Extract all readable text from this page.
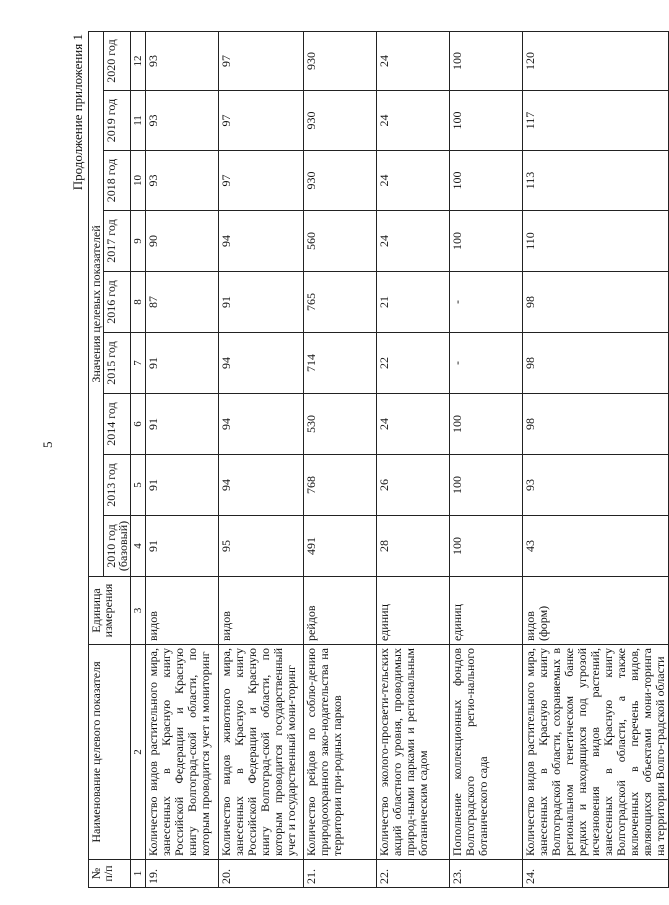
5
Продолжение приложения 1
№ п/п	Наименование целевого показателя	Единица измерения	Значения целевых показателей								
			2010 год (базовый)	2013 год	2014 год	2015 год	2016 год	2017 год	2018 год	2019 год	2020 год
1	2	3	4	5	6	7	8	9	10	11	12
19.	Количество видов растительного мира, занесенных в Красную книгу Российской Федерации и Красную книгу Волгоград-ской области, по которым проводится учет и мониторинг	видов	91	91	91	91	87	90	93	93	93
20.	Количество видов животного мира, занесенных в Красную книгу Российской Федерации и Красную книгу Волгоград-ской области, по которым проводится государственный учет и государственный мони-торинг	видов	95	94	94	94	91	94	97	97	97
21.	Количество рейдов по соблю-дению природоохранного зако-нодательства на территории при-родных парков	рейдов	491	768	530	714	765	560	930	930	930
22.	Количество эколого-просвети-тельских акций областного уровня, проводимых природ-ными парками и региональным ботаническим садом	единиц	28	26	24	22	21	24	24	24	24
23.	Пополнение коллекционных фондов Волгоградского регио-нального ботанического сада	единиц	100	100	100	-	-	100	100	100	100
24.	Количество видов растительного мира, занесенных в Красную книгу Волгоградской области, сохраняемых в региональном генетическом банке редких и находящихся под угрозой исчезновения видов растений, занесенных в Красную книгу Волгоградской области, а также включенных в перечень видов, являющихся объектами мони-торинга на территории Волго-градской области	видов (форм)	43	93	98	98	98	110	113	117	120
